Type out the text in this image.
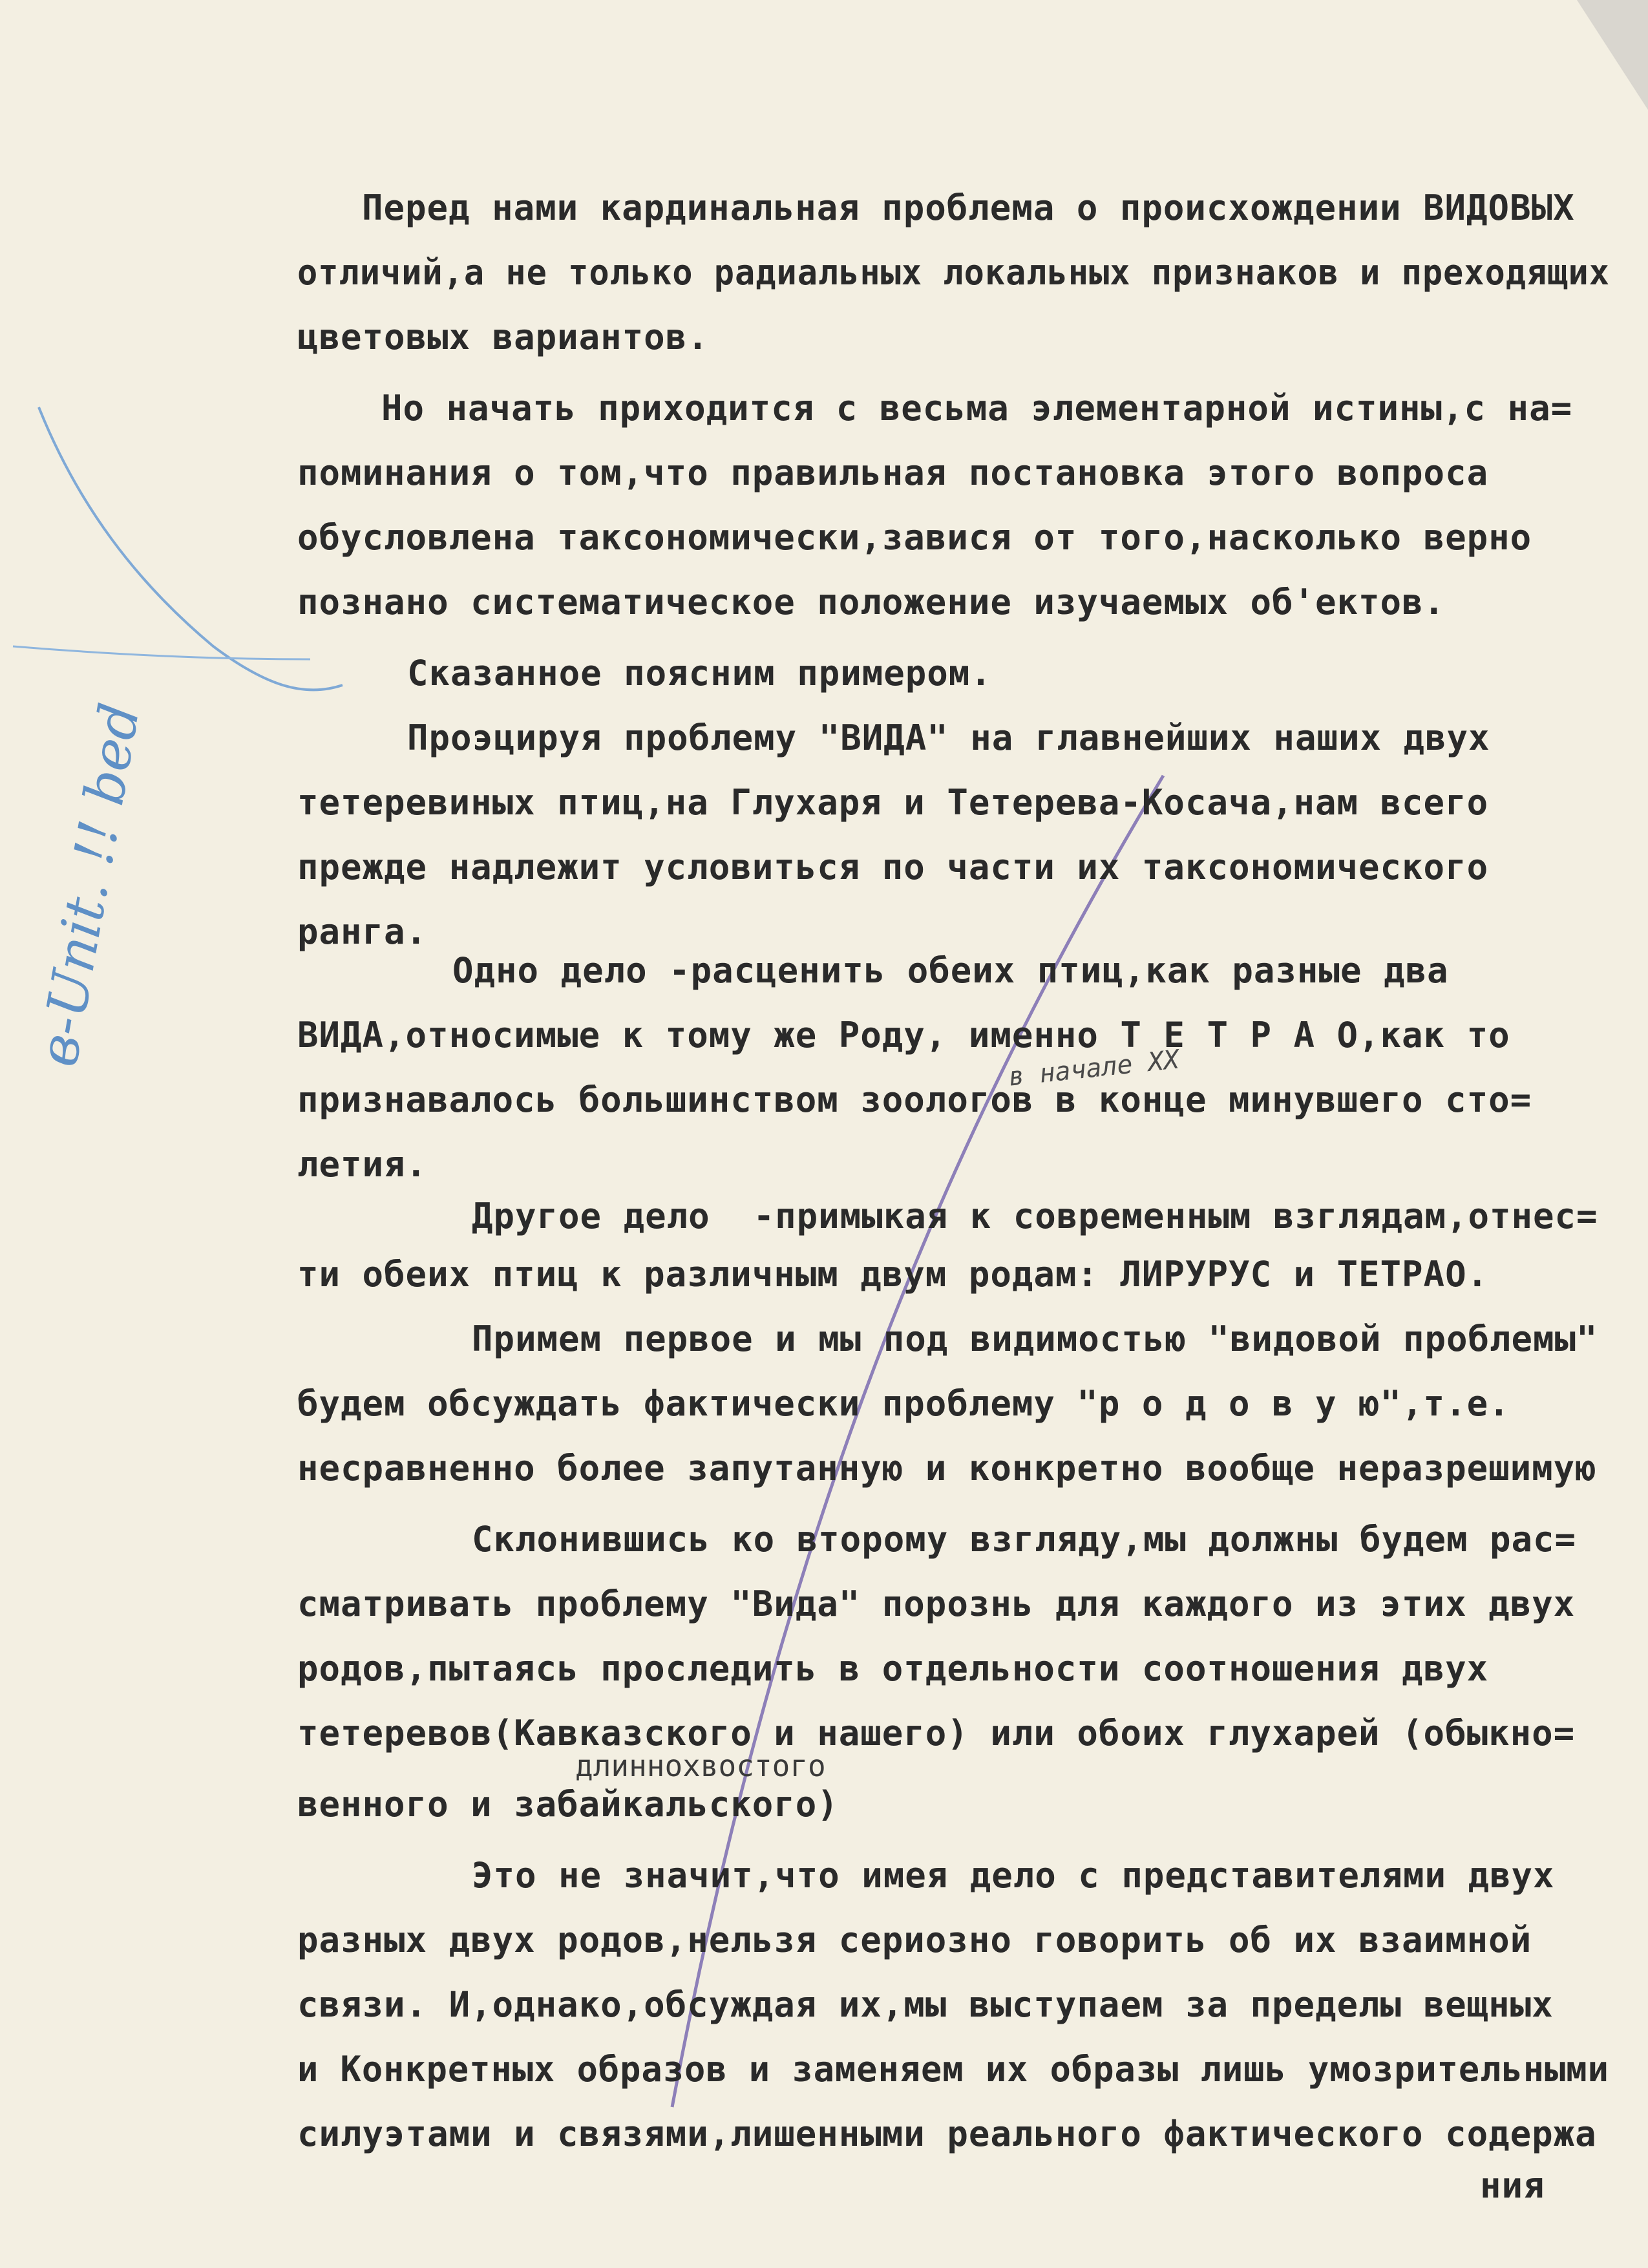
в-Unit. !! bed
Перед нами кардинальная проблема о происхождении ВИДОВЫХ
отличий,а не только радиальных локальных признаков и преходящих
цветовых вариантов.
Но начать приходится с весьма элементарной истины,с на=
поминания о том,что правильная постановка этого вопроса
обусловлена таксономически,завися от того,насколько верно
познано систематическое положение изучаемых об'ектов.
Сказанное поясним примером.
Проэцируя проблему "ВИДА" на главнейших наших двух
тетеревиных птиц,на Глухаря и Тетерева-Косача,нам всего
прежде надлежит условиться по части их таксономического
ранга.
Одно дело -расценить обеих птиц,как разные два
ВИДА,относимые к тому же Роду, именно Т Е Т Р А О,как то
в начале XX
признавалось большинством зоологов в конце минувшего сто=
летия.
Другое дело  -примыкая к современным взглядам,отнес=
ти обеих птиц к различным двум родам: ЛИРУРУС и ТЕТРАО.
Примем первое и мы под видимостью "видовой проблемы"
будем обсуждать фактически проблему "р о д о в у ю",т.е.
несравненно более запутанную и конкретно вообще неразрешимую
Склонившись ко второму взгляду,мы должны будем рас=
сматривать проблему "Вида" порознь для каждого из этих двух
родов,пытаясь проследить в отдельности соотношения двух
тетеревов(Кавказского и нашего) или обоих глухарей (обыкно=
длинноxвостого
венного и забайкальского)
Это не значит,что имея дело с представителями двух
разных двух родов,нельзя сериозно говорить об их взаимной
связи. И,однако,обсуждая их,мы выступаем за пределы вещных
и Конкретных образов и заменяем их образы лишь умозрительными
силуэтами и связями,лишенными реального фактического содержа
ния
